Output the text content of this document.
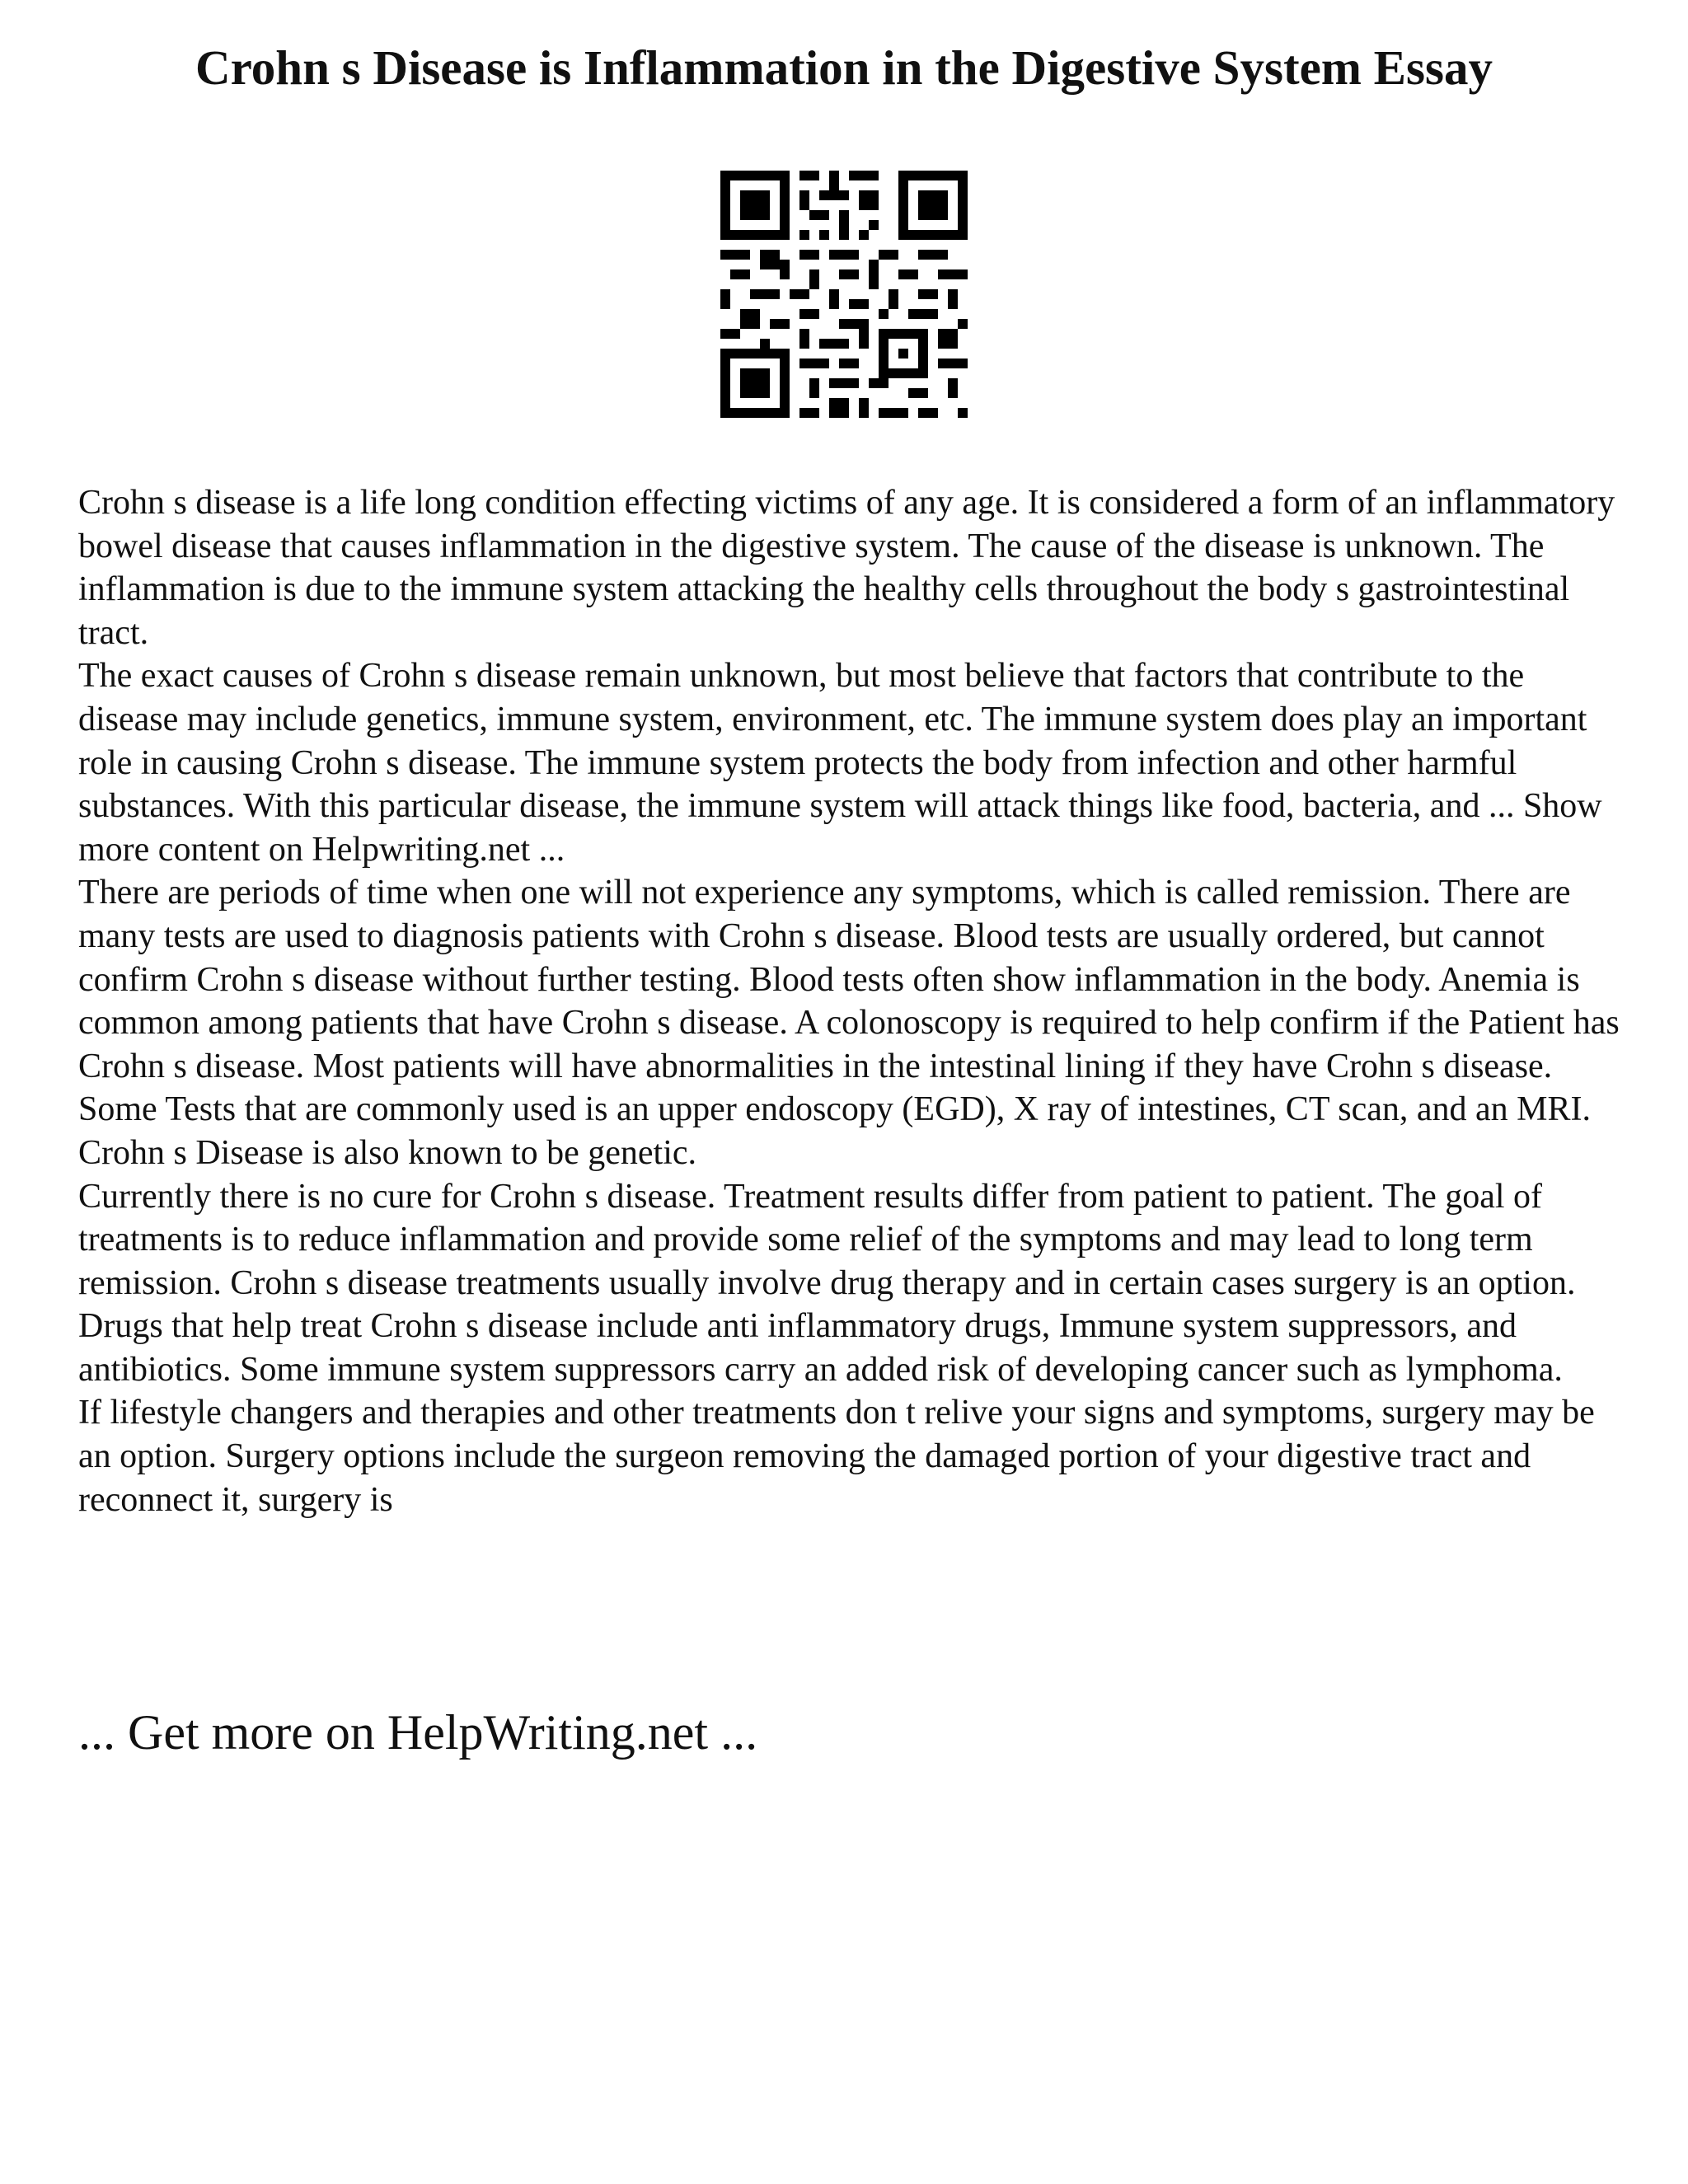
Crohn s Disease is Inflammation in the Digestive System Essay

Crohn s disease is a life long condition effecting victims of any age. It is considered a form of an inflammatory bowel disease that causes inflammation in the digestive system. The cause of the disease is unknown. The inflammation is due to the immune system attacking the healthy cells throughout the body s gastrointestinal tract.

The exact causes of Crohn s disease remain unknown, but most believe that factors that contribute to the disease may include genetics, immune system, environment, etc. The immune system does play an important role in causing Crohn s disease. The immune system protects the body from infection and other harmful substances. With this particular disease, the immune system will attack things like food, bacteria, and ... Show more content on Helpwriting.net ...

There are periods of time when one will not experience any symptoms, which is called remission. There are many tests are used to diagnosis patients with Crohn s disease. Blood tests are usually ordered, but cannot confirm Crohn s disease without further testing. Blood tests often show inflammation in the body. Anemia is common among patients that have Crohn s disease. A colonoscopy is required to help confirm if the Patient has Crohn s disease. Most patients will have abnormalities in the intestinal lining if they have Crohn s disease. Some Tests that are commonly used is an upper endoscopy (EGD), X ray of intestines, CT scan, and an MRI. Crohn s Disease is also known to be genetic.

Currently there is no cure for Crohn s disease. Treatment results differ from patient to patient. The goal of treatments is to reduce inflammation and provide some relief of the symptoms and may lead to long term remission. Crohn s disease treatments usually involve drug therapy and in certain cases surgery is an option.

Drugs that help treat Crohn s disease include anti inflammatory drugs, Immune system suppressors, and antibiotics. Some immune system suppressors carry an added risk of developing cancer such as lymphoma.

If lifestyle changers and therapies and other treatments don t relive your signs and symptoms, surgery may be an option. Surgery options include the surgeon removing the damaged portion of your digestive tract and reconnect it, surgery is

... Get more on HelpWriting.net ...
